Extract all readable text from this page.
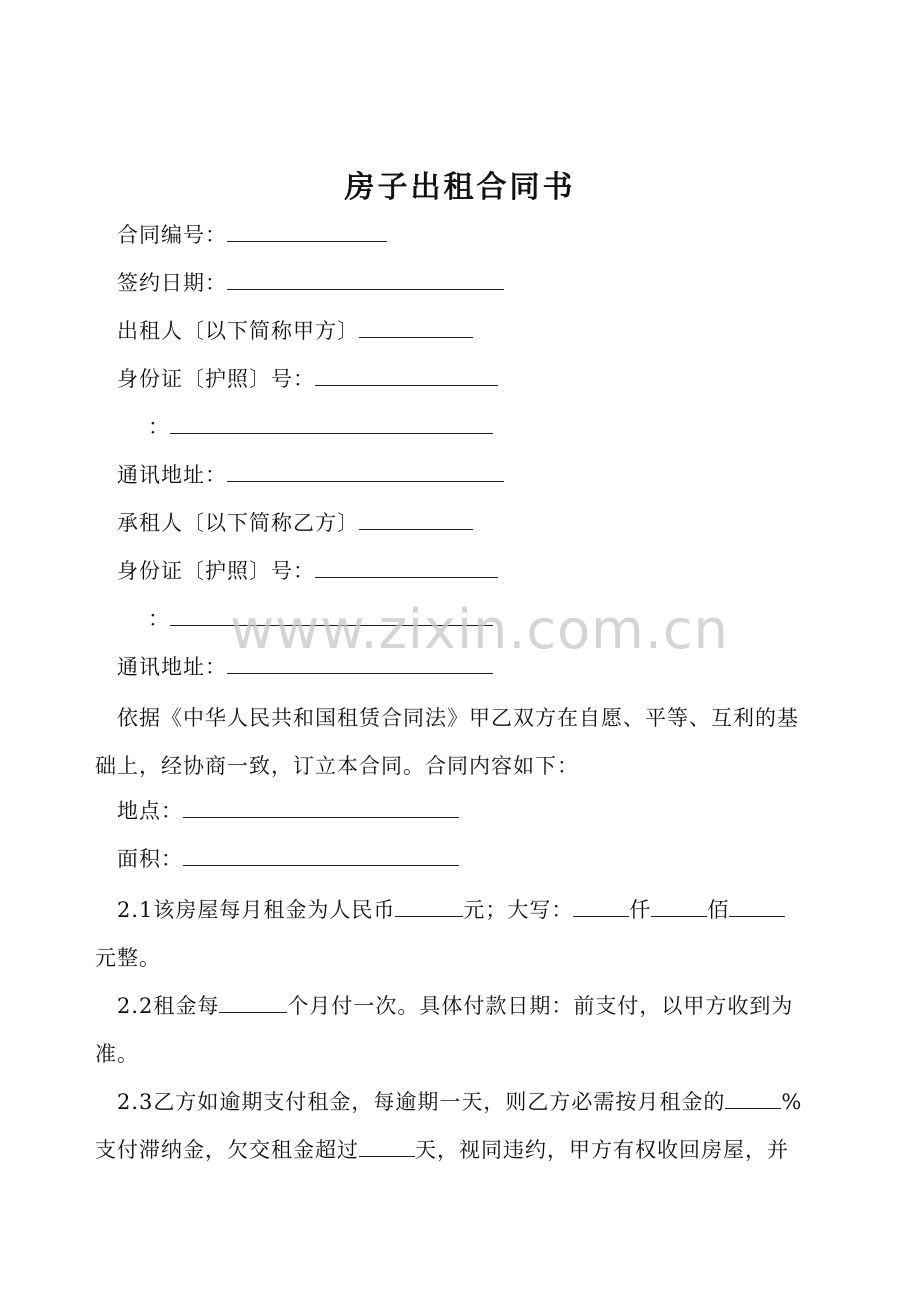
房子出租合同书
合同编号：
签约日期：
出租人〔以下简称甲方〕
身份证〔护照〕号：
：
通讯地址：
承租人〔以下简称乙方〕
身份证〔护照〕号：
：
通讯地址：
依据《中华人民共和国租赁合同法》甲乙双方在自愿、平等、互利的基
础上，经协商一致，订立本合同。合同内容如下：
地点：
面积：
2.1该房屋每月租金为人民币	元；大写：	仟	佰
元整。
2.2租金每	个月付一次。具体付款日期：前支付，以甲方收到为
准。
2.3乙方如逾期支付租金，每逾期一天，则乙方必需按月租金的	%
支付滞纳金，欠交租金超过	天，视同违约，甲方有权收回房屋，并
www.zixin.com.cn
